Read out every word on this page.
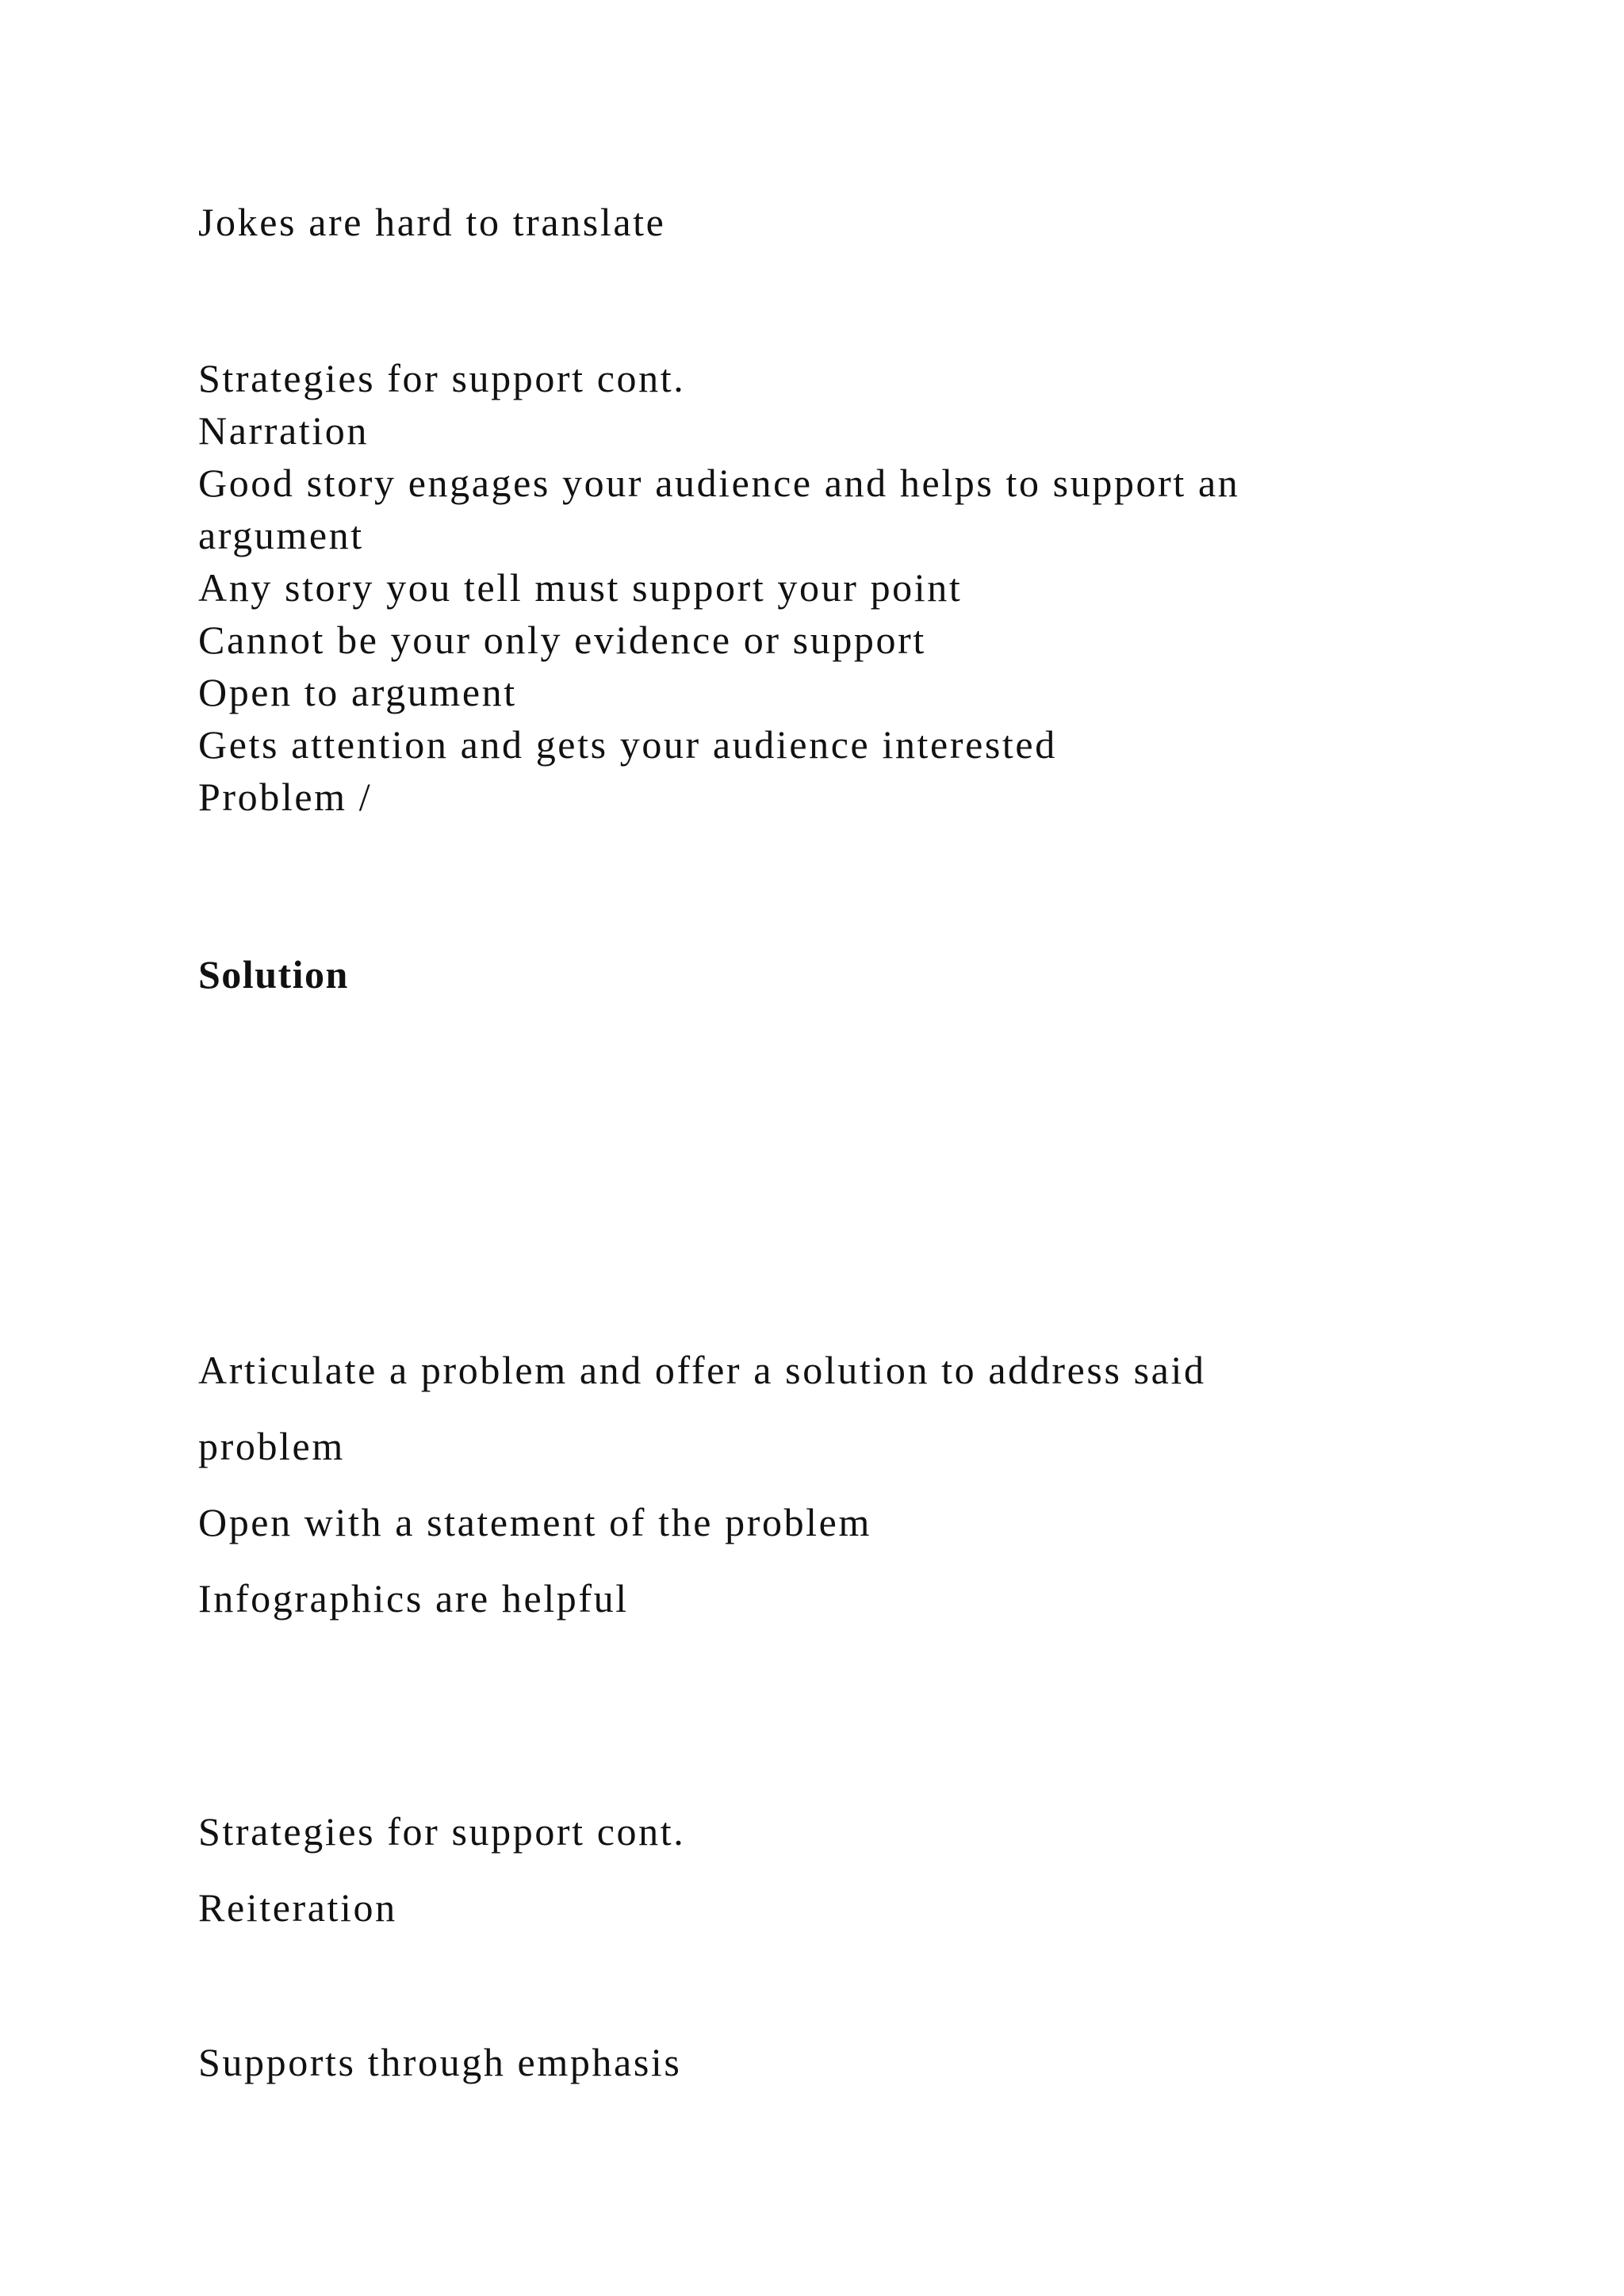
Jokes are hard to translate
Strategies for support cont.
Narration
Good story engages your audience and helps to support an
argument
Any story you tell must support your point
Cannot be your only evidence or support
Open to argument
Gets attention and gets your audience interested
Problem /
Solution
Articulate a problem and offer a solution to address said
problem
Open with a statement of the problem
Infographics are helpful
Strategies for support cont.
Reiteration
Supports through emphasis
